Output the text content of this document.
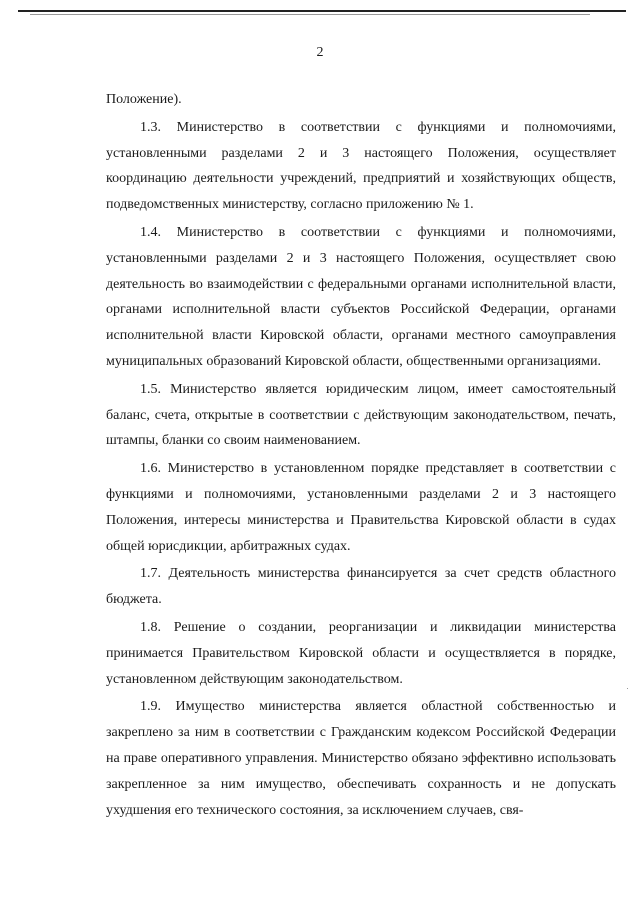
2

Положение).

1.3. Министерство в соответствии с функциями и полномочиями, установленными разделами 2 и 3 настоящего Положения, осуществляет координацию деятельности учреждений, предприятий и хозяйствующих обществ, подведомственных министерству, согласно приложению № 1.

1.4. Министерство в соответствии с функциями и полномочиями, установленными разделами 2 и 3 настоящего Положения, осуществляет свою деятельность во взаимодействии с федеральными органами исполнительной власти, органами исполнительной власти субъектов Российской Федерации, органами исполнительной власти Кировской области, органами местного самоуправления муниципальных образований Кировской области, общественными организациями.

1.5. Министерство является юридическим лицом, имеет самостоятельный баланс, счета, открытые в соответствии с действующим законодательством, печать, штампы, бланки со своим наименованием.

1.6. Министерство в установленном порядке представляет в соответствии с функциями и полномочиями, установленными разделами 2 и 3 настоящего Положения, интересы министерства и Правительства Кировской области в судах общей юрисдикции, арбитражных судах.

1.7. Деятельность министерства финансируется за счет средств областного бюджета.

1.8. Решение о создании, реорганизации и ликвидации министерства принимается Правительством Кировской области и осуществляется в порядке, установленном действующим законодательством.

1.9. Имущество министерства является областной собственностью и закреплено за ним в соответствии с Гражданским кодексом Российской Федерации на праве оперативного управления. Министерство обязано эффективно использовать закрепленное за ним имущество, обеспечивать сохранность и не допускать ухудшения его технического состояния, за исключением случаев, свя-
